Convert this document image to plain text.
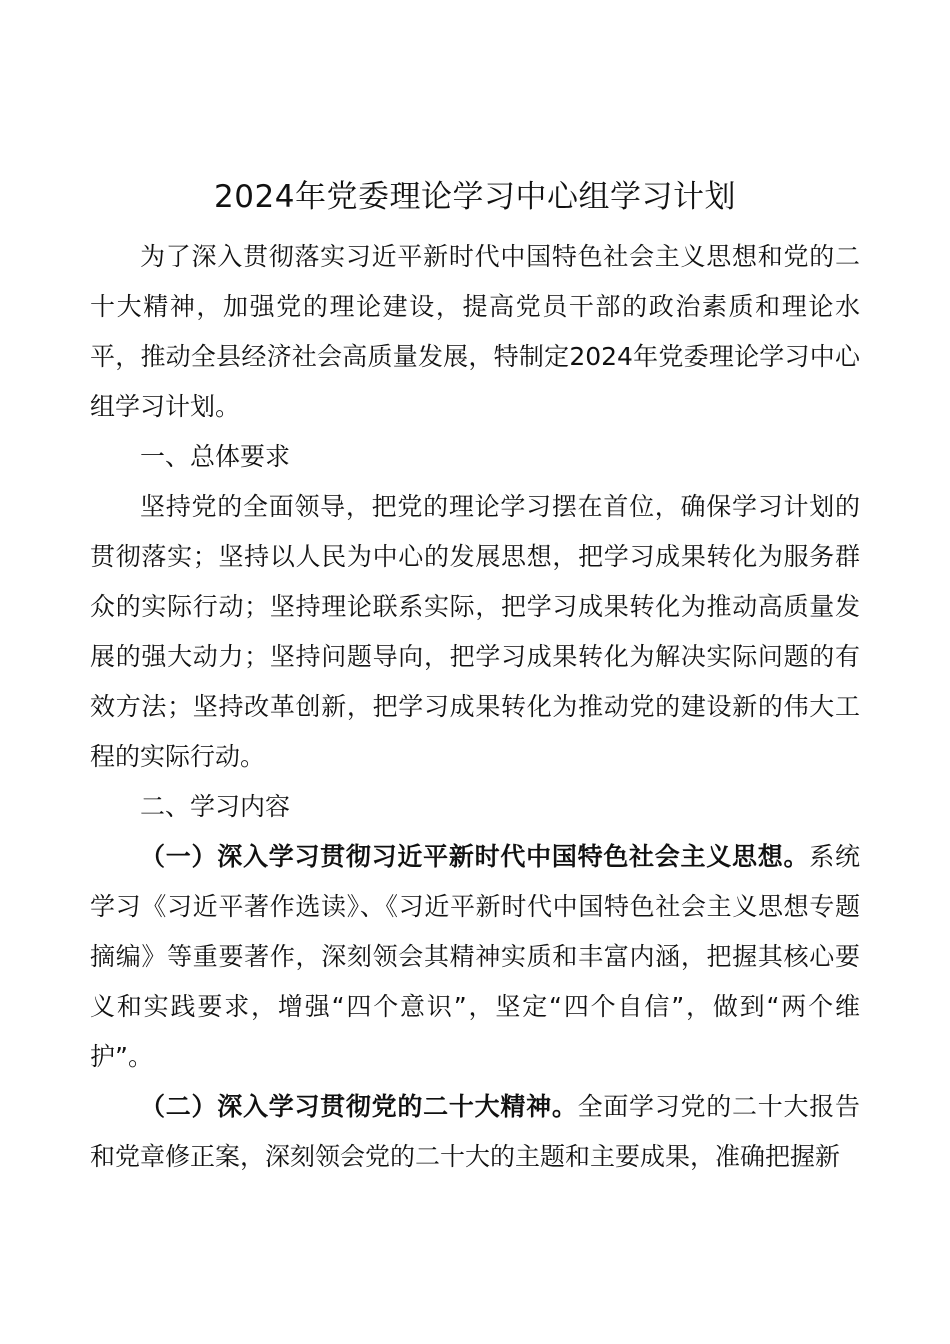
2024年党委理论学习中心组学习计划

为了深入贯彻落实习近平新时代中国特色社会主义思想和党的二十大精神，加强党的理论建设，提高党员干部的政治素质和理论水平，推动全县经济社会高质量发展，特制定2024年党委理论学习中心组学习计划。

一、总体要求

坚持党的全面领导，把党的理论学习摆在首位，确保学习计划的贯彻落实；坚持以人民为中心的发展思想，把学习成果转化为服务群众的实际行动；坚持理论联系实际，把学习成果转化为推动高质量发展的强大动力；坚持问题导向，把学习成果转化为解决实际问题的有效方法；坚持改革创新，把学习成果转化为推动党的建设新的伟大工程的实际行动。

二、学习内容

（一）深入学习贯彻习近平新时代中国特色社会主义思想。系统学习《习近平著作选读》、《习近平新时代中国特色社会主义思想专题摘编》等重要著作，深刻领会其精神实质和丰富内涵，把握其核心要义和实践要求，增强“四个意识”，坚定“四个自信”，做到“两个维护”。

（二）深入学习贯彻党的二十大精神。全面学习党的二十大报告和党章修正案，深刻领会党的二十大的主题和主要成果，准确把握新
